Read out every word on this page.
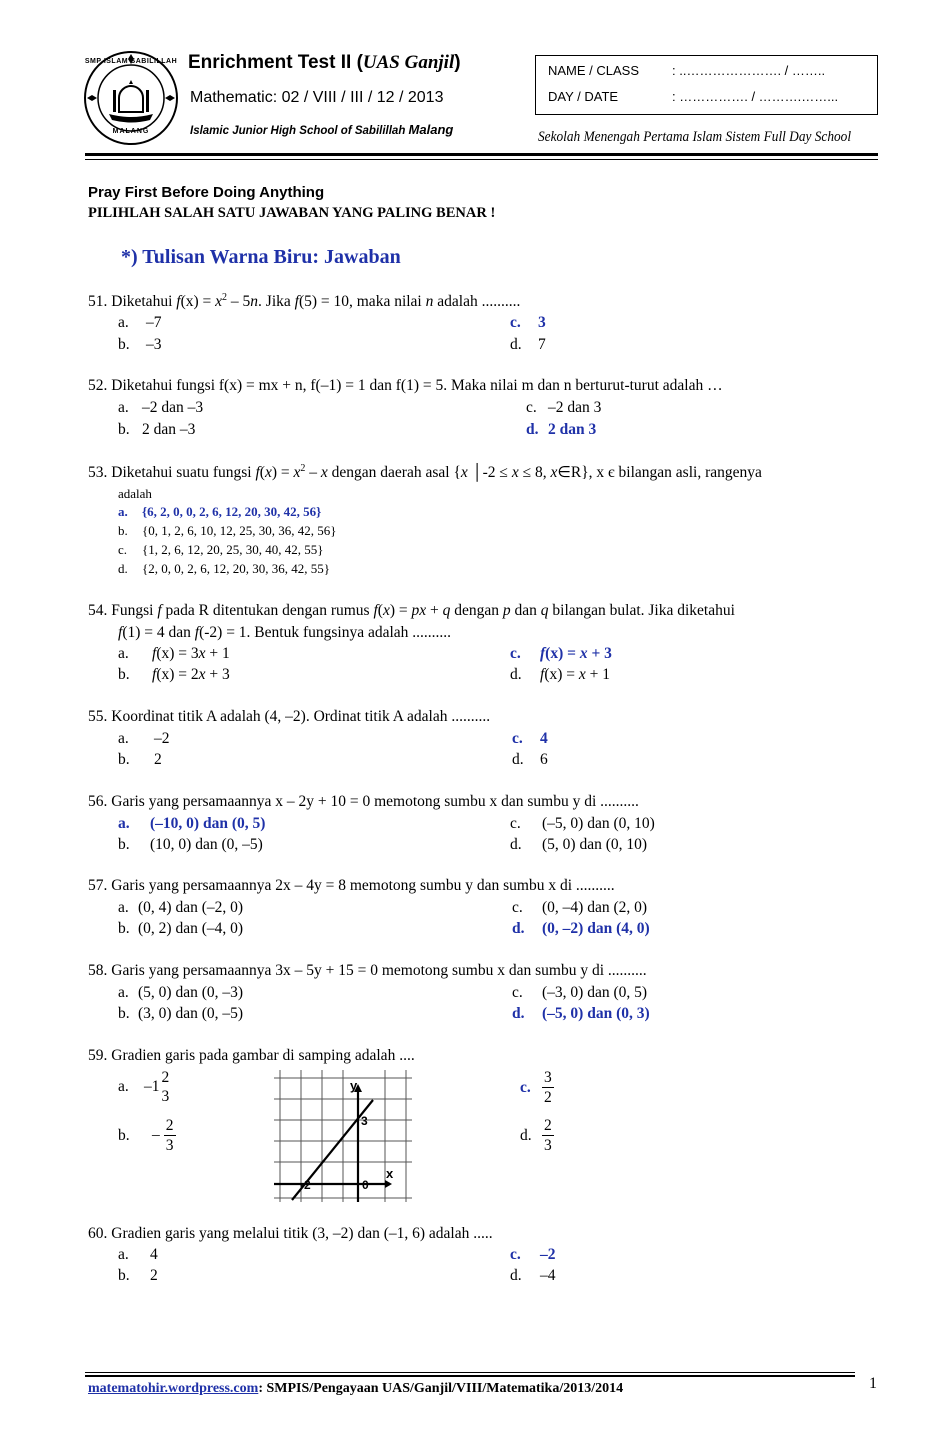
SMP ISLAM SABILILLAH
MALANG
Enrichment Test II (UAS Ganjil)
Mathematic: 02 / VIII / III / 12 / 2013
Islamic Junior High School of Sabilillah Malang
NAME / CLASS	: ..…………………. / ……..
DAY / DATE	: ……………. / ……….……...
Sekolah Menengah Pertama Islam Sistem Full Day School
Pray First Before Doing Anything
PILIHLAH SALAH SATU JAWABAN YANG PALING BENAR !
*) Tulisan Warna Biru: Jawaban
51. Diketahui $f(x) = x^2 - 5n$. Jika f(5) = 10, maka nilai n adalah ..........
a. –7
b. –3
c. 3
d. 7
52. Diketahui fungsi f(x) = mx + n, f(–1) = 1 dan f(1) = 5. Maka nilai m dan n berturut-turut adalah …
a. –2 dan –3
b. 2 dan –3
c. –2 dan 3
d. 2 dan 3
53. Diketahui suatu fungsi $f(x) = x^2 - x$ dengan daerah asal {x │-2 ≤ x ≤ 8, x∈R}, x є bilangan asli, rangenya
adalah
a. {6, 2, 0, 0, 2, 6, 12, 20, 30, 42, 56}
b. {0, 1, 2, 6, 10, 12, 25, 30, 36, 42, 56}
c. {1, 2, 6, 12, 20, 25, 30, 40, 42, 55}
d. {2, 0, 0, 2, 6, 12, 20, 30, 36, 42, 55}
54. Fungsi f pada R ditentukan dengan rumus f(x) = px + q dengan p dan q bilangan bulat. Jika diketahui
f(1) = 4 dan f(-2) = 1. Bentuk fungsinya adalah ..........
a. f(x) = 3x + 1
b. f(x) = 2x + 3
c. f(x) = x + 3
d. f(x) = x + 1
55. Koordinat titik A adalah (4, –2). Ordinat titik A adalah ..........
a. –2
b. 2
c. 4
d. 6
56. Garis yang persamaannya x – 2y + 10 = 0 memotong sumbu x dan sumbu y di ..........
a. (–10, 0) dan (0, 5)
b. (10, 0) dan (0, –5)
c. (–5, 0) dan (0, 10)
d. (5, 0) dan (0, 10)
57. Garis yang persamaannya 2x – 4y = 8 memotong sumbu y dan sumbu x di ..........
a. (0, 4) dan (–2, 0)
b. (0, 2) dan (–4, 0)
c. (0, –4) dan (2, 0)
d. (0, –2) dan (4, 0)
58. Garis yang persamaannya 3x – 5y + 15 = 0 memotong sumbu x dan sumbu y di ..........
a. (5, 0) dan (0, –3)
b. (3, 0) dan (0, –5)
c. (–3, 0) dan (0, 5)
d. (–5, 0) dan (0, 3)
59. Gradien garis pada gambar di samping adalah ....
a. –1
2
3
b. – $\frac{2}{3}$
c. $\frac{3}{2}$
d. $\frac{2}{3}$
y
x
3
-2	0
60. Gradien garis yang melalui titik (3, –2) dan (–1, 6) adalah .....
a. 4
b. 2
c. –2
d. –4
matematohir.wordpress.com: SMPIS/Pengayaan UAS/Ganjil/VIII/Matematika/2013/2014	1
